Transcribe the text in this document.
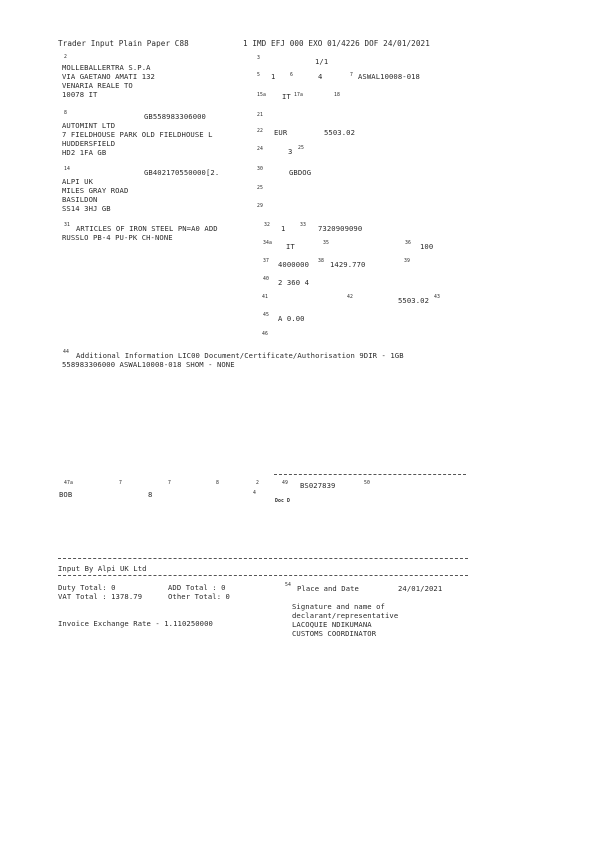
Trader Input Plain Paper C88	1 IMD EFJ 000 EXO 01/4226 DOF 24/01/2021
2
MOLLEBALLERTRA S.P.A
VIA GAETANO AMATI 132
VENARIA REALE TO
10078 IT
3	1/1
5 1	6	4	7 ASWAL10008-018
15a IT 17a	18
8	GB558983306000
AUTOMINT LTD
7 FIELDHOUSE PARK OLD FIELDHOUSE L
HUDDERSFIELD
HD2 1FA GB
21
22 EUR	5503.02
24	3 25
14	GB402170550000[2.
ALPI UK
MILES GRAY ROAD
BASILDON
SS14 3HJ GB
30	GBDOG
25
29
31 ARTICLES OF IRON STEEL PN=A0 ADD
RUSSLO PB-4 PU-PK CH-NONE
32 1	33 7320909090
34a IT	35	36 100
37 4000000 38 1429.770	39
40 2 360 4
41	42	5503.02 43
45 A 0.00
46
44 Additional Information LIC00 Document/Certificate/Authorisation 9DIR - 1GB
558983306000 ASWAL10008-018 SHOM - NONE
47a	7	7	8	2	49 BS027839	50
BOB	8	4
Doc D
Input By Alpi UK Ltd
Duty Total: 0	ADD Total : 0
VAT Total : 1378.79	Other Total: 0
Invoice Exchange Rate - 1.110250000
54 Place and Date	24/01/2021
Signature and name of
declarant/representative
LACOQUIE NDIKUMANA
CUSTOMS COORDINATOR
